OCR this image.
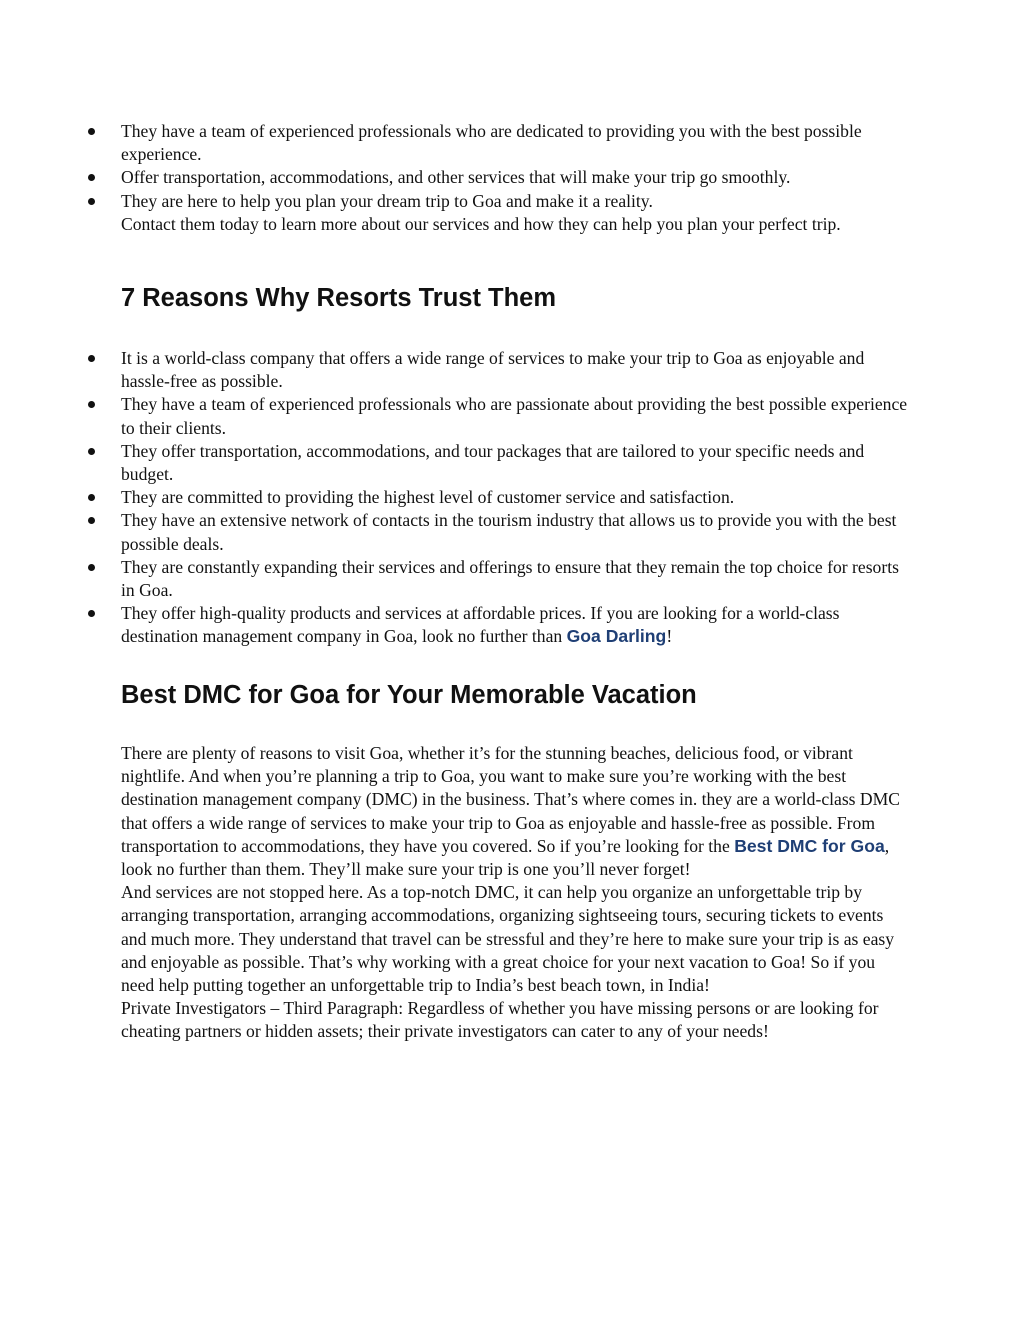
They have a team of experienced professionals who are dedicated to providing you with the best possible experience.
Offer transportation, accommodations, and other services that will make your trip go smoothly.
They are here to help you plan your dream trip to Goa and make it a reality.
Contact them today to learn more about our services and how they can help you plan your perfect trip.
7 Reasons Why Resorts Trust Them
It is a world-class company that offers a wide range of services to make your trip to Goa as enjoyable and hassle-free as possible.
They have a team of experienced professionals who are passionate about providing the best possible experience to their clients.
They offer transportation, accommodations, and tour packages that are tailored to your specific needs and budget.
They are committed to providing the highest level of customer service and satisfaction.
They have an extensive network of contacts in the tourism industry that allows us to provide you with the best possible deals.
They are constantly expanding their services and offerings to ensure that they remain the top choice for resorts in Goa.
They offer high-quality products and services at affordable prices. If you are looking for a world-class destination management company in Goa, look no further than Goa Darling!
Best DMC for Goa for Your Memorable Vacation
There are plenty of reasons to visit Goa, whether it’s for the stunning beaches, delicious food, or vibrant nightlife. And when you’re planning a trip to Goa, you want to make sure you’re working with the best destination management company (DMC) in the business. That’s where comes in. they are a world-class DMC that offers a wide range of services to make your trip to Goa as enjoyable and hassle-free as possible. From transportation to accommodations, they have you covered. So if you’re looking for the Best DMC for Goa, look no further than them. They’ll make sure your trip is one you’ll never forget!
And services are not stopped here. As a top-notch DMC, it can help you organize an unforgettable trip by arranging transportation, arranging accommodations, organizing sightseeing tours, securing tickets to events and much more. They understand that travel can be stressful and they’re here to make sure your trip is as easy and enjoyable as possible. That’s why working with a great choice for your next vacation to Goa! So if you need help putting together an unforgettable trip to India’s best beach town, in India!
Private Investigators – Third Paragraph: Regardless of whether you have missing persons or are looking for cheating partners or hidden assets; their private investigators can cater to any of your needs!
